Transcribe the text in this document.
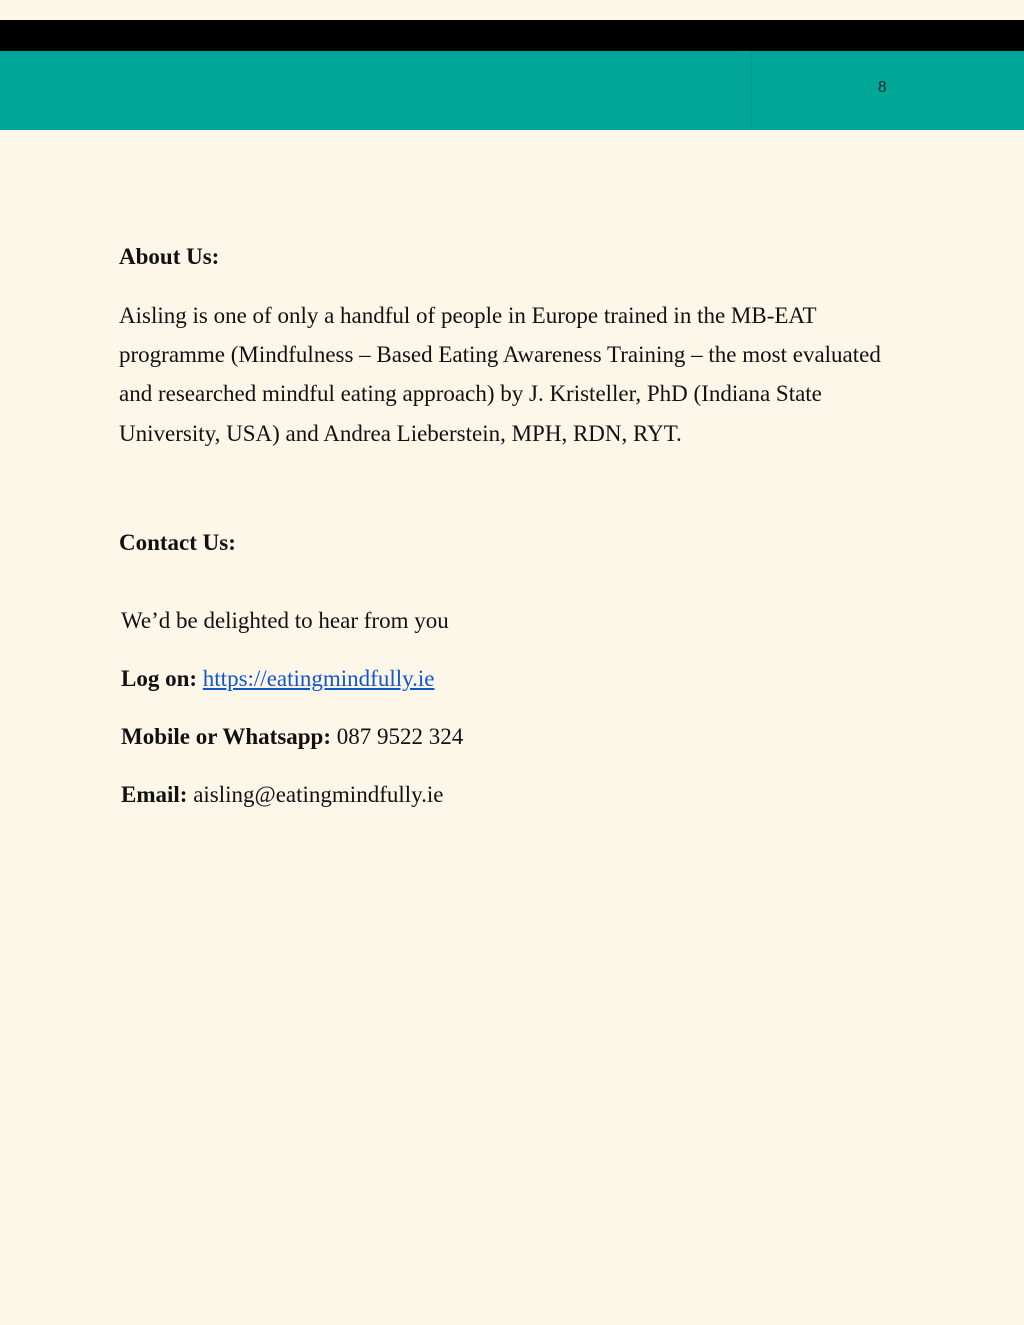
8
About Us:

Aisling is one of only a handful of people in Europe trained in the MB-EAT programme (Mindfulness – Based Eating Awareness Training – the most evaluated and researched mindful eating approach) by J. Kristeller, PhD (Indiana State University, USA) and Andrea Lieberstein, MPH, RDN, RYT.

Contact Us:

We’d be delighted to hear from you

Log on: https://eatingmindfully.ie

Mobile or Whatsapp: 087 9522 324

Email: aisling@eatingmindfully.ie
